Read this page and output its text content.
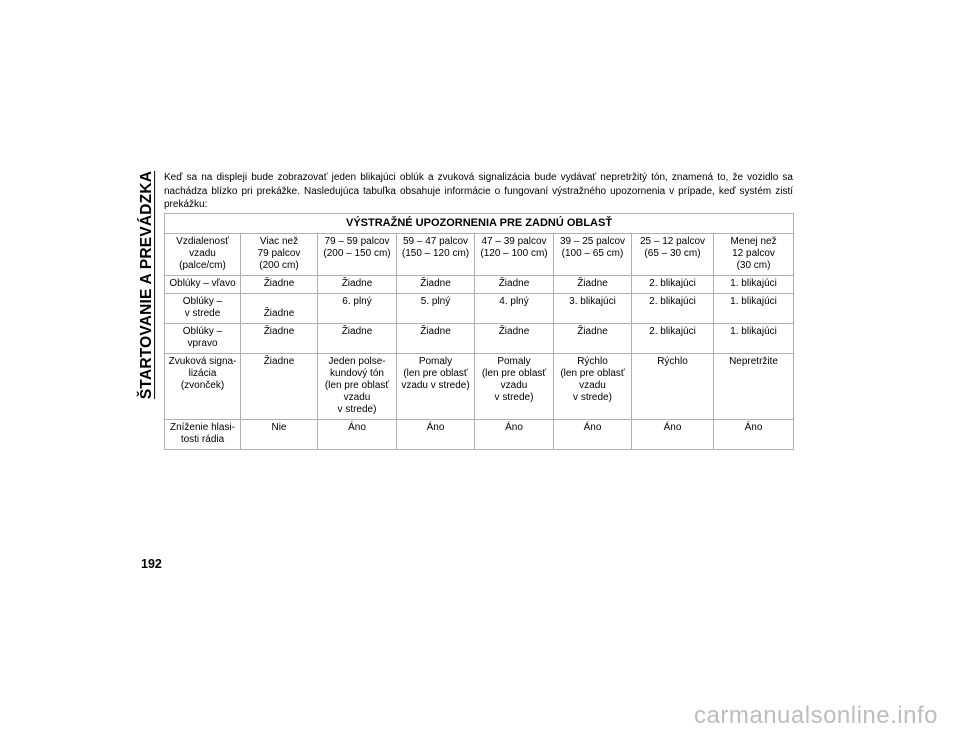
ŠTARTOVANIE A PREVÁDZKA Keď sa na displeji bude zobrazovať jeden blikajúci oblúk a zvuková signalizácia bude vydávať nepretržitý tón, znamená to, že vozidlo sa nachádza blízko pri prekážke. Nasledujúca tabuľka obsahuje informácie o fungovaní výstražného upozornenia v prípade, keď systém zistí prekážku:

VÝSTRAŽNÉ UPOZORNENIA PRE ZADNÚ OBLASŤ							
Vzdialenosť
vzadu
(palce/cm)	Viac než
79 palcov
(200 cm)	79 – 59 palcov
(200 – 150 cm)	59 – 47 palcov
(150 – 120 cm)	47 – 39 palcov
(120 – 100 cm)	39 – 25 palcov
(100 – 65 cm)	25 – 12 palcov
(65 – 30 cm)	Menej než
12 palcov
(30 cm)
Oblúky – vľavo	Žiadne	Žiadne	Žiadne	Žiadne	Žiadne	2. blikajúci	1. blikajúci
Oblúky –
v strede	
Žiadne	6. plný	5. plný	4. plný	3. blikajúci	2. blikajúci	1. blikajúci
Oblúky –
vpravo	Žiadne	Žiadne	Žiadne	Žiadne	Žiadne	2. blikajúci	1. blikajúci
Zvuková signa-
lizácia
(zvonček)	Žiadne	Jeden polse-
kundový tón
(len pre oblasť
vzadu
v strede)	Pomaly
(len pre oblasť
vzadu v strede)	Pomaly
(len pre oblasť
vzadu
v strede)	Rýchlo
(len pre oblasť
vzadu
v strede)	Rýchlo	Nepretržite
Zníženie hlasi-
tosti rádia	Nie	Áno	Áno	Áno	Áno	Áno	Áno
192
carmanualsonline.info
